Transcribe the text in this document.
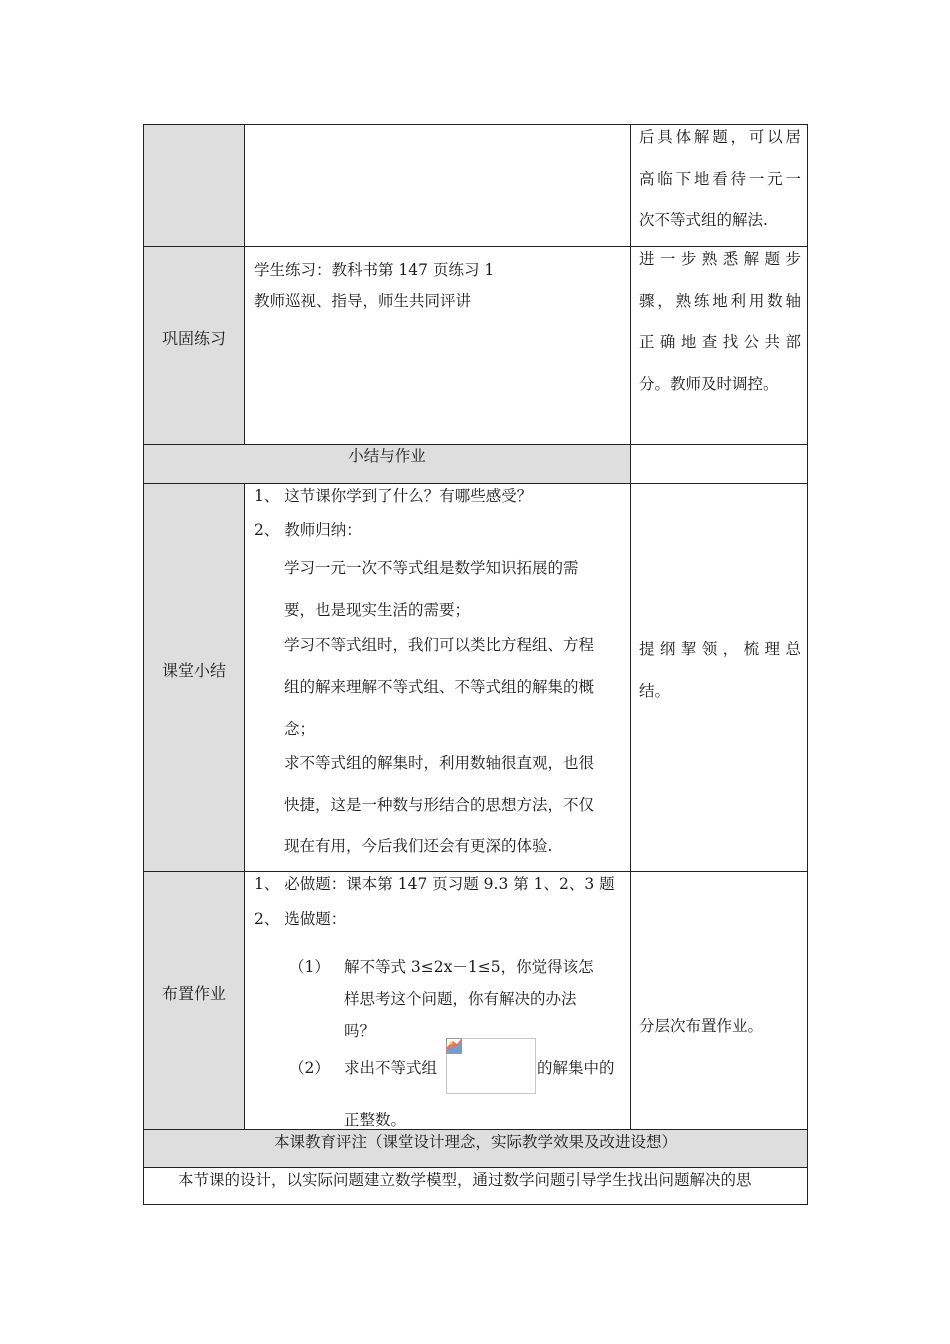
后具体解题，可以居
高临下地看待一元一
次不等式组的解法.
巩固练习
学生练习：教科书第 147 页练习 1
教师巡视、指导，师生共同评讲
进一步熟悉解题步
骤，熟练地利用数轴
正确地查找公共部
分。教师及时调控。
小结与作业
课堂小结
1、 这节课你学到了什么？有哪些感受？
2、 教师归纳：
学习一元一次不等式组是数学知识拓展的需
要，也是现实生活的需要；
学习不等式组时，我们可以类比方程组、方程
组的解来理解不等式组、不等式组的解集的概
念；
求不等式组的解集时，利用数轴很直观，也很
快捷，这是一种数与形结合的思想方法，不仅
现在有用，今后我们还会有更深的体验.
提纲挈领，梳理总
结。
布置作业
1、 必做题：课本第 147 页习题 9.3 第 1、2、3 题
2、 选做题：
（1） 解不等式 3≤2x－1≤5，你觉得该怎
样思考这个问题，你有解决的办法
吗？
（2） 求出不等式组	的解集中的
正整数。
分层次布置作业。
本课教育评注（课堂设计理念，实际教学效果及改进设想）
本节课的设计，以实际问题建立数学模型，通过数学问题引导学生找出问题解决的思
